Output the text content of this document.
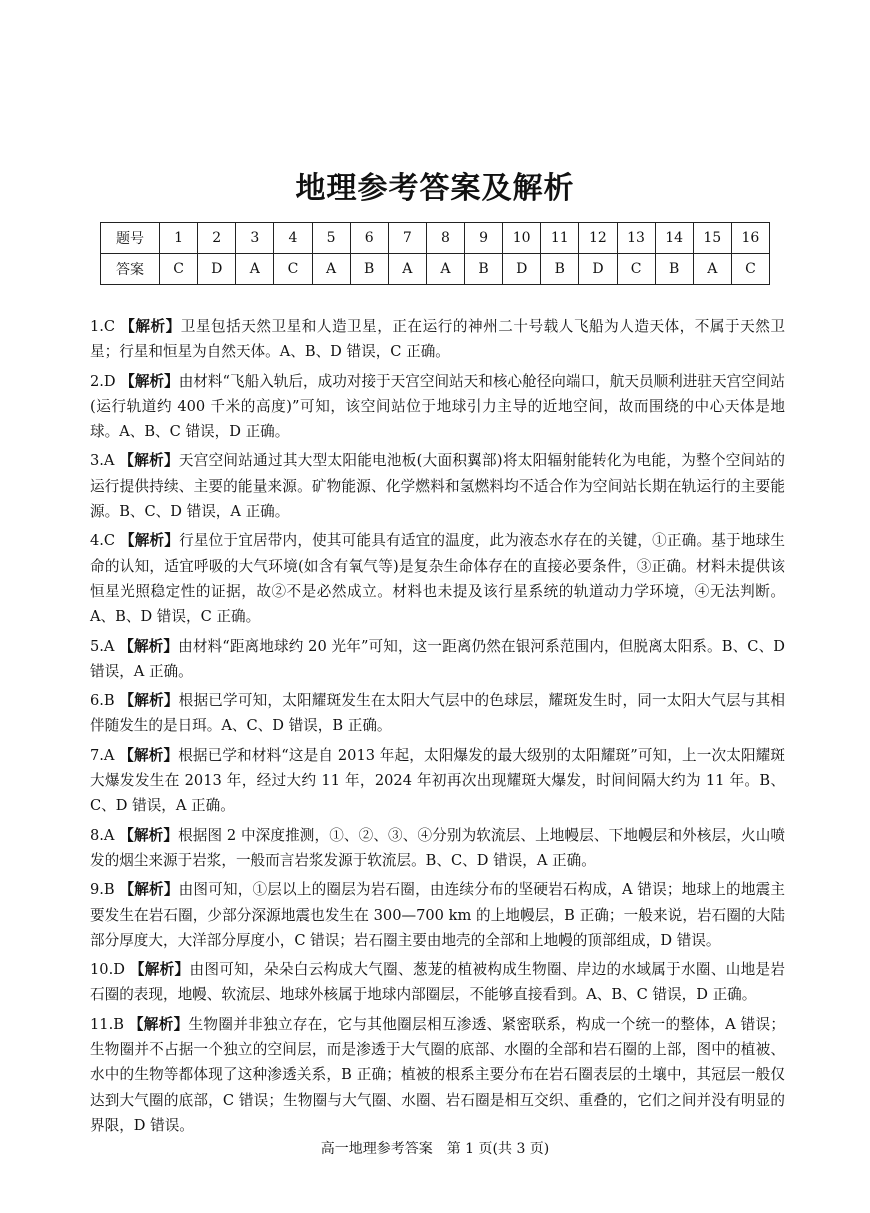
地理参考答案及解析
题号	1	2	3	4	5	6	7	8	9	10	11	12	13	14	15	16
答案	C	D	A	C	A	B	A	A	B	D	B	D	C	B	A	C
1.C 【解析】卫星包括天然卫星和人造卫星，正在运行的神州二十号载人飞船为人造天体，不属于天然卫星；行星和恒星为自然天体。A、B、D 错误，C 正确。
2.D 【解析】由材料“飞船入轨后，成功对接于天宫空间站天和核心舱径向端口，航天员顺利进驻天宫空间站(运行轨道约 400 千米的高度)”可知，该空间站位于地球引力主导的近地空间，故而围绕的中心天体是地球。A、B、C 错误，D 正确。
3.A 【解析】天宫空间站通过其大型太阳能电池板(大面积翼部)将太阳辐射能转化为电能，为整个空间站的运行提供持续、主要的能量来源。矿物能源、化学燃料和氢燃料均不适合作为空间站长期在轨运行的主要能源。B、C、D 错误，A 正确。
4.C 【解析】行星位于宜居带内，使其可能具有适宜的温度，此为液态水存在的关键，①正确。基于地球生命的认知，适宜呼吸的大气环境(如含有氧气等)是复杂生命体存在的直接必要条件，③正确。材料未提供该恒星光照稳定性的证据，故②不是必然成立。材料也未提及该行星系统的轨道动力学环境，④无法判断。A、B、D 错误，C 正确。
5.A 【解析】由材料“距离地球约 20 光年”可知，这一距离仍然在银河系范围内，但脱离太阳系。B、C、D 错误，A 正确。
6.B 【解析】根据已学可知，太阳耀斑发生在太阳大气层中的色球层，耀斑发生时，同一太阳大气层与其相伴随发生的是日珥。A、C、D 错误，B 正确。
7.A 【解析】根据已学和材料“这是自 2013 年起，太阳爆发的最大级别的太阳耀斑”可知，上一次太阳耀斑大爆发发生在 2013 年，经过大约 11 年，2024 年初再次出现耀斑大爆发，时间间隔大约为 11 年。B、C、D 错误，A 正确。
8.A 【解析】根据图 2 中深度推测，①、②、③、④分别为软流层、上地幔层、下地幔层和外核层，火山喷发的烟尘来源于岩浆，一般而言岩浆发源于软流层。B、C、D 错误，A 正确。
9.B 【解析】由图可知，①层以上的圈层为岩石圈，由连续分布的坚硬岩石构成，A 错误；地球上的地震主要发生在岩石圈，少部分深源地震也发生在 300—700 km 的上地幔层，B 正确；一般来说，岩石圈的大陆部分厚度大，大洋部分厚度小，C 错误；岩石圈主要由地壳的全部和上地幔的顶部组成，D 错误。
10.D 【解析】由图可知，朵朵白云构成大气圈、葱茏的植被构成生物圈、岸边的水域属于水圈、山地是岩石圈的表现，地幔、软流层、地球外核属于地球内部圈层，不能够直接看到。A、B、C 错误，D 正确。
11.B 【解析】生物圈并非独立存在，它与其他圈层相互渗透、紧密联系，构成一个统一的整体，A 错误；生物圈并不占据一个独立的空间层，而是渗透于大气圈的底部、水圈的全部和岩石圈的上部，图中的植被、水中的生物等都体现了这种渗透关系，B 正确；植被的根系主要分布在岩石圈表层的土壤中，其冠层一般仅达到大气圈的底部，C 错误；生物圈与大气圈、水圈、岩石圈是相互交织、重叠的，它们之间并没有明显的界限，D 错误。
高一地理参考答案　第 1 页(共 3 页)
